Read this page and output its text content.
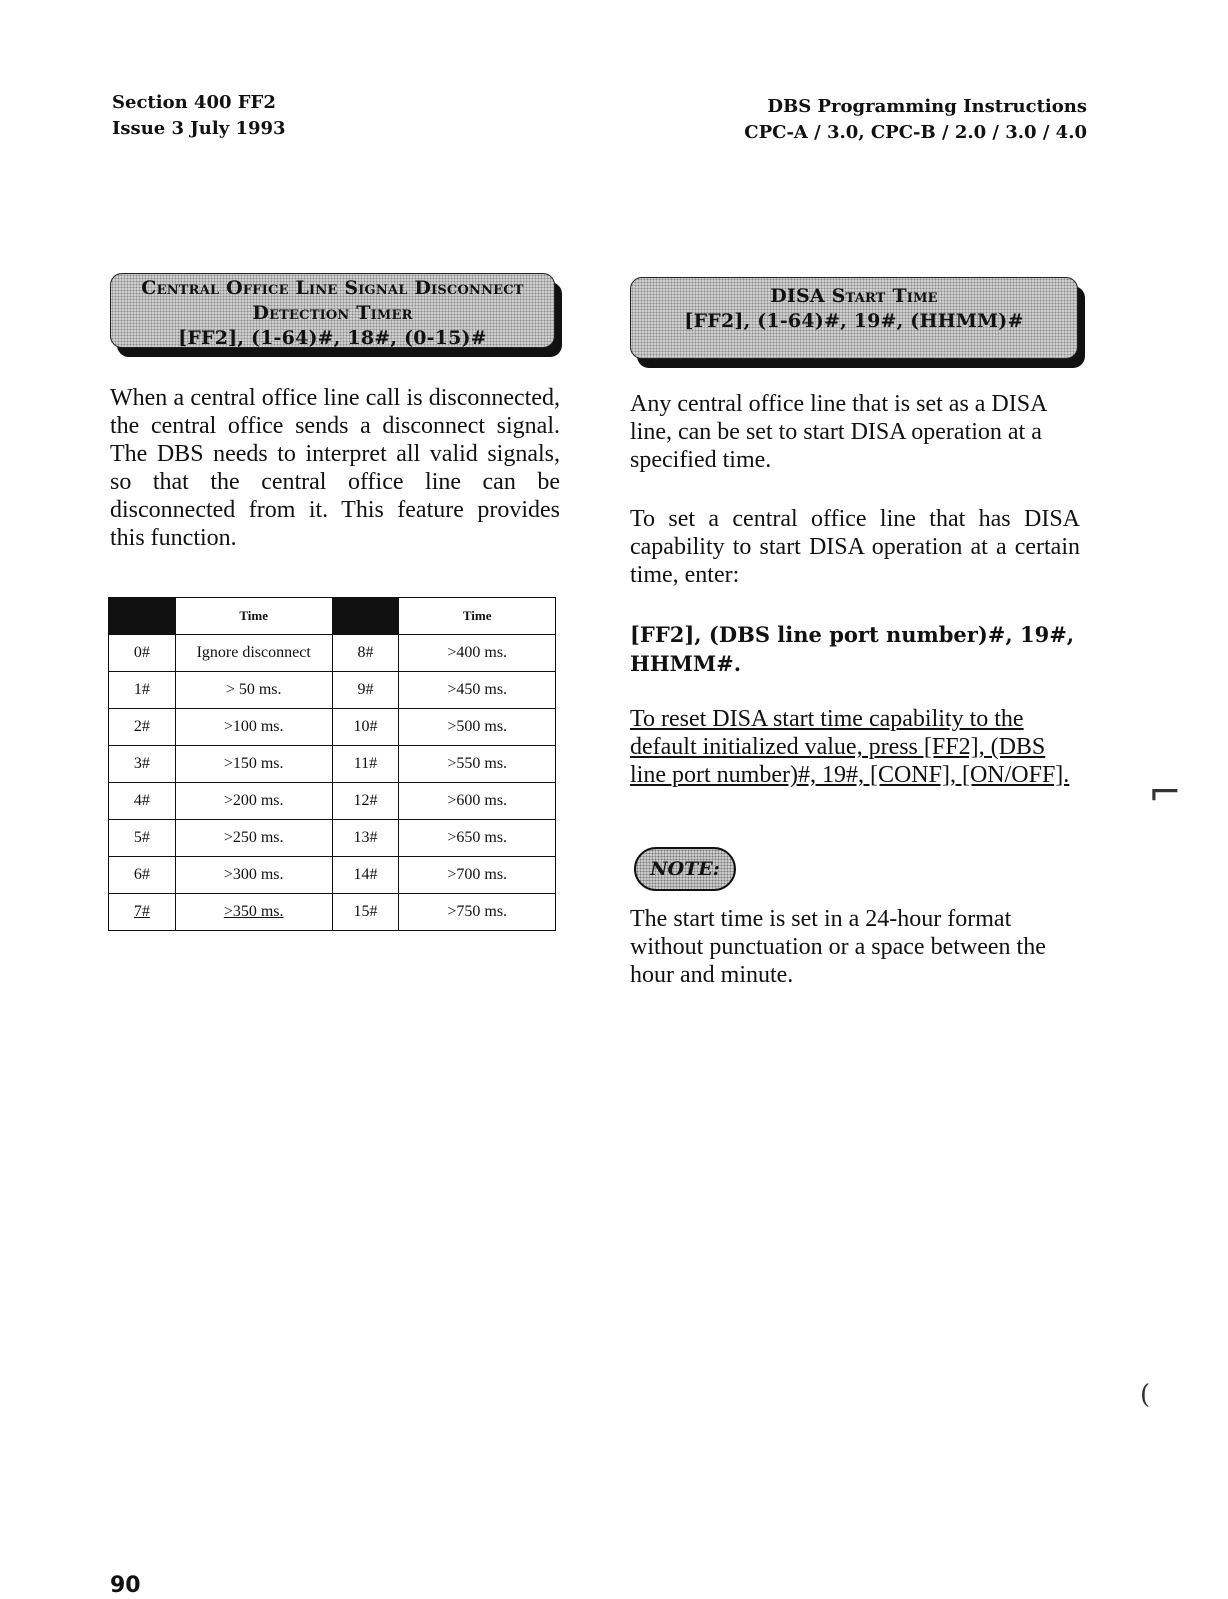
Section 400 FF2
Issue 3 July 1993
DBS Programming Instructions
CPC-A / 3.0, CPC-B / 2.0 / 3.0 / 4.0
Central Office Line Signal Disconnect
Detection Timer
[FF2], (1-64)#, 18#, (0-15)#
DISA Start Time
[FF2], (1-64)#, 19#, (HHMM)#

When a central office line call is disconnected, the central office sends a disconnect signal. The DBS needs to interpret all valid signals, so that the central office line can be disconnected from it. This feature provides this function.

	Time		Time
0#	Ignore disconnect	8#	>400 ms.
1#	> 50 ms.	9#	>450 ms.
2#	>100 ms.	10#	>500 ms.
3#	>150 ms.	11#	>550 ms.
4#	>200 ms.	12#	>600 ms.
5#	>250 ms.	13#	>650 ms.
6#	>300 ms.	14#	>700 ms.
7#	>350 ms.	15#	>750 ms.

Any central office line that is set as a DISA line, can be set to start DISA operation at a specified time.

To set a central office line that has DISA capability to start DISA operation at a certain time, enter:

[FF2], (DBS line port number)#, 19#, HHMM#.

To reset DISA start time capability to the default initialized value, press [FF2], (DBS line port number)#, 19#, [CONF], [ON/OFF].

NOTE:

The start time is set in a 24-hour format without punctuation or a space between the hour and minute.

90
⌐
(
